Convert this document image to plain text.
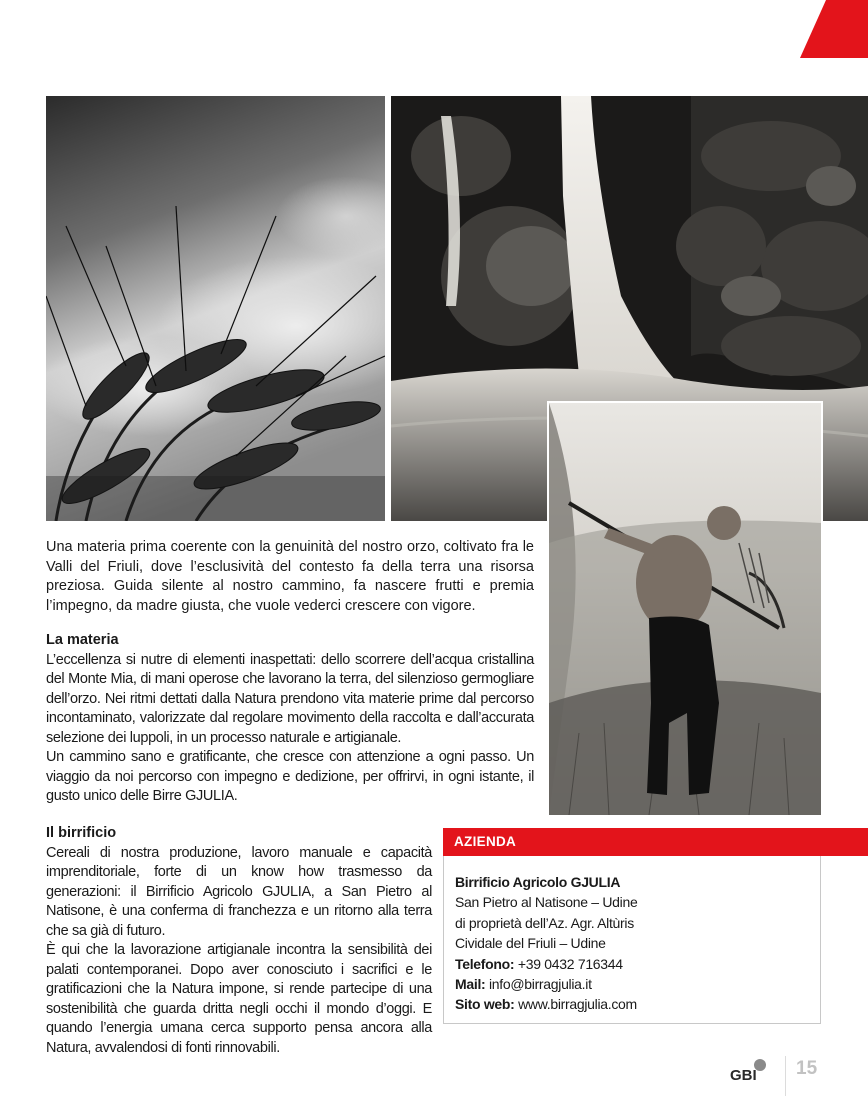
Una materia prima coerente con la genuinità del nostro orzo, coltivato fra le Valli del Friuli, dove l’esclusività del contesto fa della terra una risorsa preziosa. Guida silente al nostro cammino, fa nascere frutti e premia l’impegno, da madre giusta, che vuole vederci crescere con vigore.

La materia

L’eccellenza si nutre di elementi inaspettati: dello scorrere dell’acqua cristallina del Monte Mia, di mani operose che lavorano la terra, del silenzioso germogliare dell’orzo. Nei ritmi dettati dalla Natura prendono vita materie prime dal percorso incontaminato, valorizzate dal regolare movimento della raccolta e dall’accurata selezione dei luppoli, in un processo naturale e artigianale.

Un cammino sano e gratificante, che cresce con attenzione a ogni passo. Un viaggio da noi percorso con impegno e dedizione, per offrirvi, in ogni istante, il gusto unico delle Birre GJULIA.

Il birrificio

Cereali di nostra produzione, lavoro manuale e capacità imprenditoriale, forte di un know how trasmesso da generazioni: il Birrificio Agricolo GJULIA, a San Pietro al Natisone, è una conferma di franchezza e un ritorno alla terra che sa già di futuro.

È qui che la lavorazione artigianale incontra la sensibilità dei palati contemporanei. Dopo aver conosciuto i sacrifici e le gratificazioni che la Natura impone, si rende partecipe di una sostenibilità che guarda dritta negli occhi il mondo d’oggi. E quando l’energia umana cerca supporto pensa ancora alla Natura, avvalendosi di fonti rinnovabili.

AZIENDA
Birrificio Agricolo GJULIA
San Pietro al Natisone – Udine
di proprietà dell’Az. Agr. Altùris
Cividale del Friuli – Udine
Telefono: +39 0432 716344
Mail: info@birragjulia.it
Sito web: www.birragjulia.com
GBI 15
